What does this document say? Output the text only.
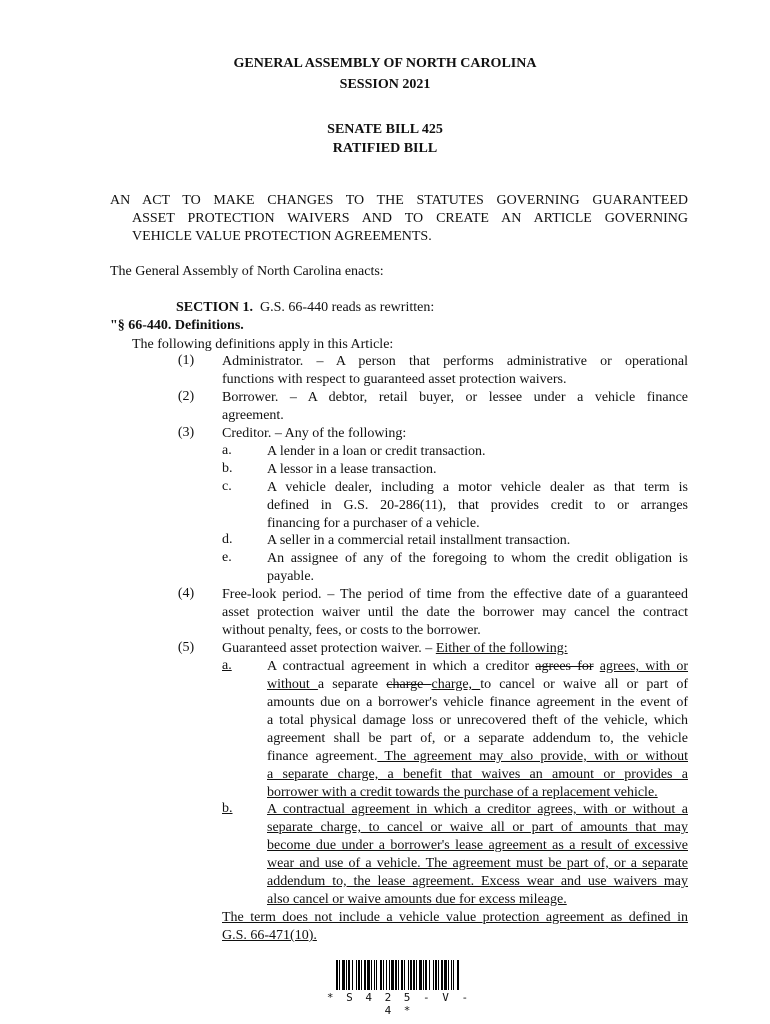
GENERAL ASSEMBLY OF NORTH CAROLINA
SESSION 2021
SENATE BILL 425
RATIFIED BILL
AN ACT TO MAKE CHANGES TO THE STATUTES GOVERNING GUARANTEED
ASSET PROTECTION WAIVERS AND TO CREATE AN ARTICLE GOVERNING
VEHICLE VALUE PROTECTION AGREEMENTS.
The General Assembly of North Carolina enacts:
SECTION 1. G.S. 66-440 reads as rewritten:
"§ 66-440. Definitions.
The following definitions apply in this Article:
(1) Administrator. – A person that performs administrative or operational
functions with respect to guaranteed asset protection waivers.
(2) Borrower. – A debtor, retail buyer, or lessee under a vehicle finance
agreement.
(3) Creditor. – Any of the following:
a.	A lender in a loan or credit transaction.
b. A lessor in a lease transaction.
c.	A vehicle dealer, including a motor vehicle dealer as that term is
defined in G.S. 20-286(11), that provides credit to or arranges
financing for a purchaser of a vehicle.
d. A seller in a commercial retail installment transaction.
e.	An assignee of any of the foregoing to whom the credit obligation is
payable.
(4) Free-look period. – The period of time from the effective date of a guaranteed
asset protection waiver until the date the borrower may cancel the contract
without penalty, fees, or costs to the borrower.
(5) Guaranteed asset protection waiver. – Either of the following:
a.	A contractual agreement in which a creditor agrees for agrees, with or
without a separate charge charge, to cancel or waive all or part of
amounts due on a borrower's vehicle finance agreement in the event of
a total physical damage loss or unrecovered theft of the vehicle, which
agreement shall be part of, or a separate addendum to, the vehicle
finance agreement. The agreement may also provide, with or without
a separate charge, a benefit that waives an amount or provides a
borrower with a credit towards the purchase of a replacement vehicle.
b. A contractual agreement in which a creditor agrees, with or without a
separate charge, to cancel or waive all or part of amounts that may
become due under a borrower's lease agreement as a result of excessive
wear and use of a vehicle. The agreement must be part of, or a separate
addendum to, the lease agreement. Excess wear and use waivers may
also cancel or waive amounts due for excess mileage.
The term does not include a vehicle value protection agreement as defined in
G.S. 66-471(10).
* S 4 2 5 - V - 4 *
